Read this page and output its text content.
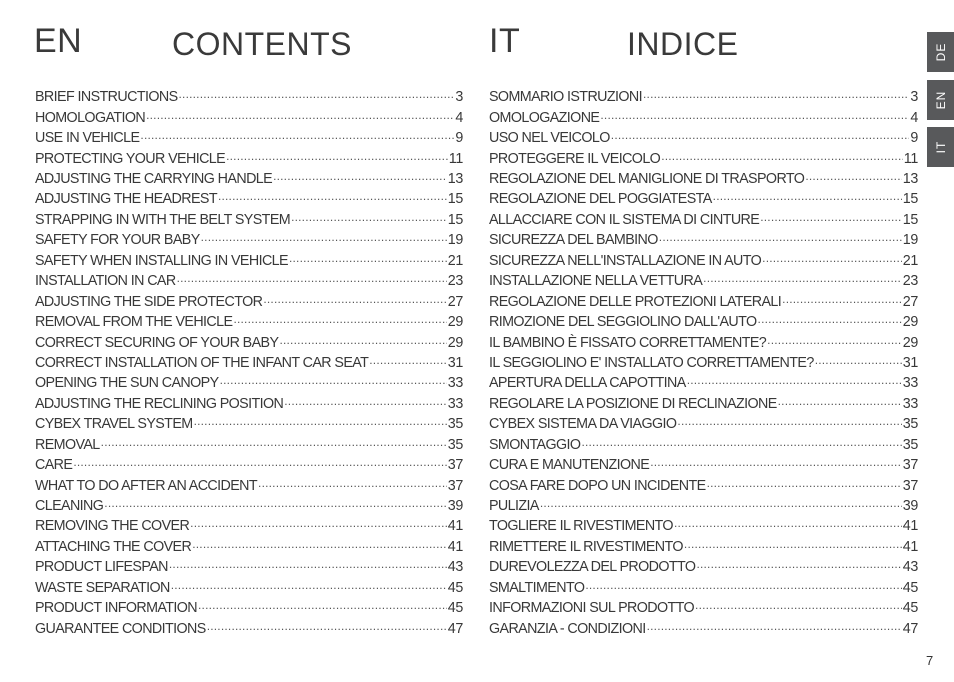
EN	CONTENTS	IT	INDICE
BRIEF INSTRUCTIONS .....	3
HOMOLOGATION .....	4
USE IN VEHICLE .....	9
PROTECTING YOUR VEHICLE .....	11
ADJUSTING THE CARRYING HANDLE .....	13
ADJUSTING THE HEADREST .....	15
STRAPPING IN WITH THE BELT SYSTEM .....	15
SAFETY FOR YOUR BABY .....	19
SAFETY WHEN INSTALLING IN VEHICLE .....	21
INSTALLATION IN CAR .....	23
ADJUSTING THE SIDE PROTECTOR .....	27
REMOVAL FROM THE VEHICLE .....	29
CORRECT SECURING OF YOUR BABY .....	29
CORRECT INSTALLATION OF THE INFANT CAR SEAT .....	31
OPENING THE SUN CANOPY .....	33
ADJUSTING THE RECLINING POSITION .....	33
CYBEX TRAVEL SYSTEM .....	35
REMOVAL .....	35
CARE .....	37
WHAT TO DO AFTER AN ACCIDENT .....	37
CLEANING .....	39
REMOVING THE COVER .....	41
ATTACHING THE COVER .....	41
PRODUCT LIFESPAN .....	43
WASTE SEPARATION .....	45
PRODUCT INFORMATION .....	45
GUARANTEE CONDITIONS .....	47
SOMMARIO ISTRUZIONI .....	3
OMOLOGAZIONE .....	4
USO NEL VEICOLO .....	9
PROTEGGERE IL VEICOLO .....	11
REGOLAZIONE DEL MANIGLIONE DI TRASPORTO .....	13
REGOLAZIONE DEL POGGIATESTA .....	15
ALLACCIARE CON IL SISTEMA DI CINTURE .....	15
SICUREZZA DEL BAMBINO .....	19
SICUREZZA NELL'INSTALLAZIONE IN AUTO .....	21
INSTALLAZIONE NELLA VETTURA .....	23
REGOLAZIONE DELLE PROTEZIONI LATERALI .....	27
RIMOZIONE DEL SEGGIOLINO DALL'AUTO .....	29
IL BAMBINO È FISSATO CORRETTAMENTE? .....	29
IL SEGGIOLINO E' INSTALLATO CORRETTAMENTE? .....	31
APERTURA DELLA CAPOTTINA .....	33
REGOLARE LA POSIZIONE DI RECLINAZIONE .....	33
CYBEX SISTEMA DA VIAGGIO .....	35
SMONTAGGIO .....	35
CURA E MANUTENZIONE .....	37
COSA FARE DOPO UN INCIDENTE .....	37
PULIZIA .....	39
TOGLIERE IL RIVESTIMENTO .....	41
RIMETTERE IL RIVESTIMENTO .....	41
DUREVOLEZZA DEL PRODOTTO .....	43
SMALTIMENTO .....	45
INFORMAZIONI SUL PRODOTTO .....	45
GARANZIA - CONDIZIONI .....	47
DE
EN
IT
7
